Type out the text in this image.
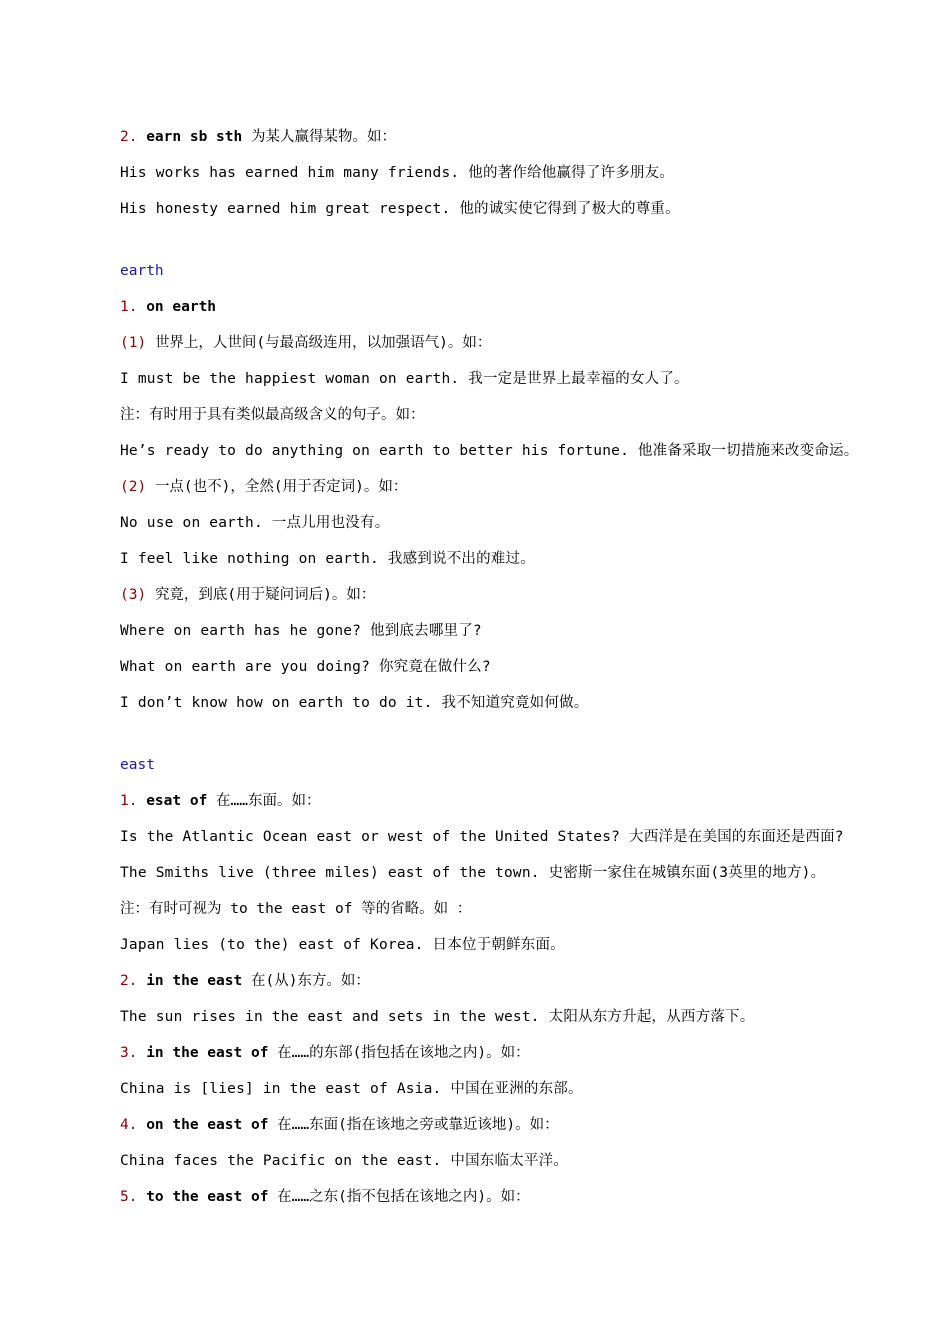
2. earn sb sth 为某人赢得某物。如：
His works has earned him many friends. 他的著作给他赢得了许多朋友。
His honesty earned him great respect. 他的诚实使它得到了极大的尊重。
earth
1. on earth
(1) 世界上，人世间(与最高级连用，以加强语气)。如：
I must be the happiest woman on earth. 我一定是世界上最幸福的女人了。
注：有时用于具有类似最高级含义的句子。如：
He’s ready to do anything on earth to better his fortune. 他准备采取一切措施来改变命运。
(2) 一点(也不)，全然(用于否定词)。如：
No use on earth. 一点儿用也没有。
I feel like nothing on earth. 我感到说不出的难过。
(3) 究竟，到底(用于疑问词后)。如：
Where on earth has he gone? 他到底去哪里了?
What on earth are you doing? 你究竟在做什么?
I don’t know how on earth to do it. 我不知道究竟如何做。
east
1. esat of 在……东面。如：
Is the Atlantic Ocean east or west of the United States? 大西洋是在美国的东面还是西面?
The Smiths live (three miles) east of the town. 史密斯一家住在城镇东面(3英里的地方)。
注：有时可视为 to the east of 等的省略。如 ：
Japan lies (to the) east of Korea. 日本位于朝鲜东面。
2. in the east 在(从)东方。如：
The sun rises in the east and sets in the west. 太阳从东方升起，从西方落下。
3. in the east of 在……的东部(指包括在该地之内)。如：
China is [lies] in the east of Asia. 中国在亚洲的东部。
4. on the east of 在……东面(指在该地之旁或靠近该地)。如：
China faces the Pacific on the east. 中国东临太平洋。
5. to the east of 在……之东(指不包括在该地之内)。如：
